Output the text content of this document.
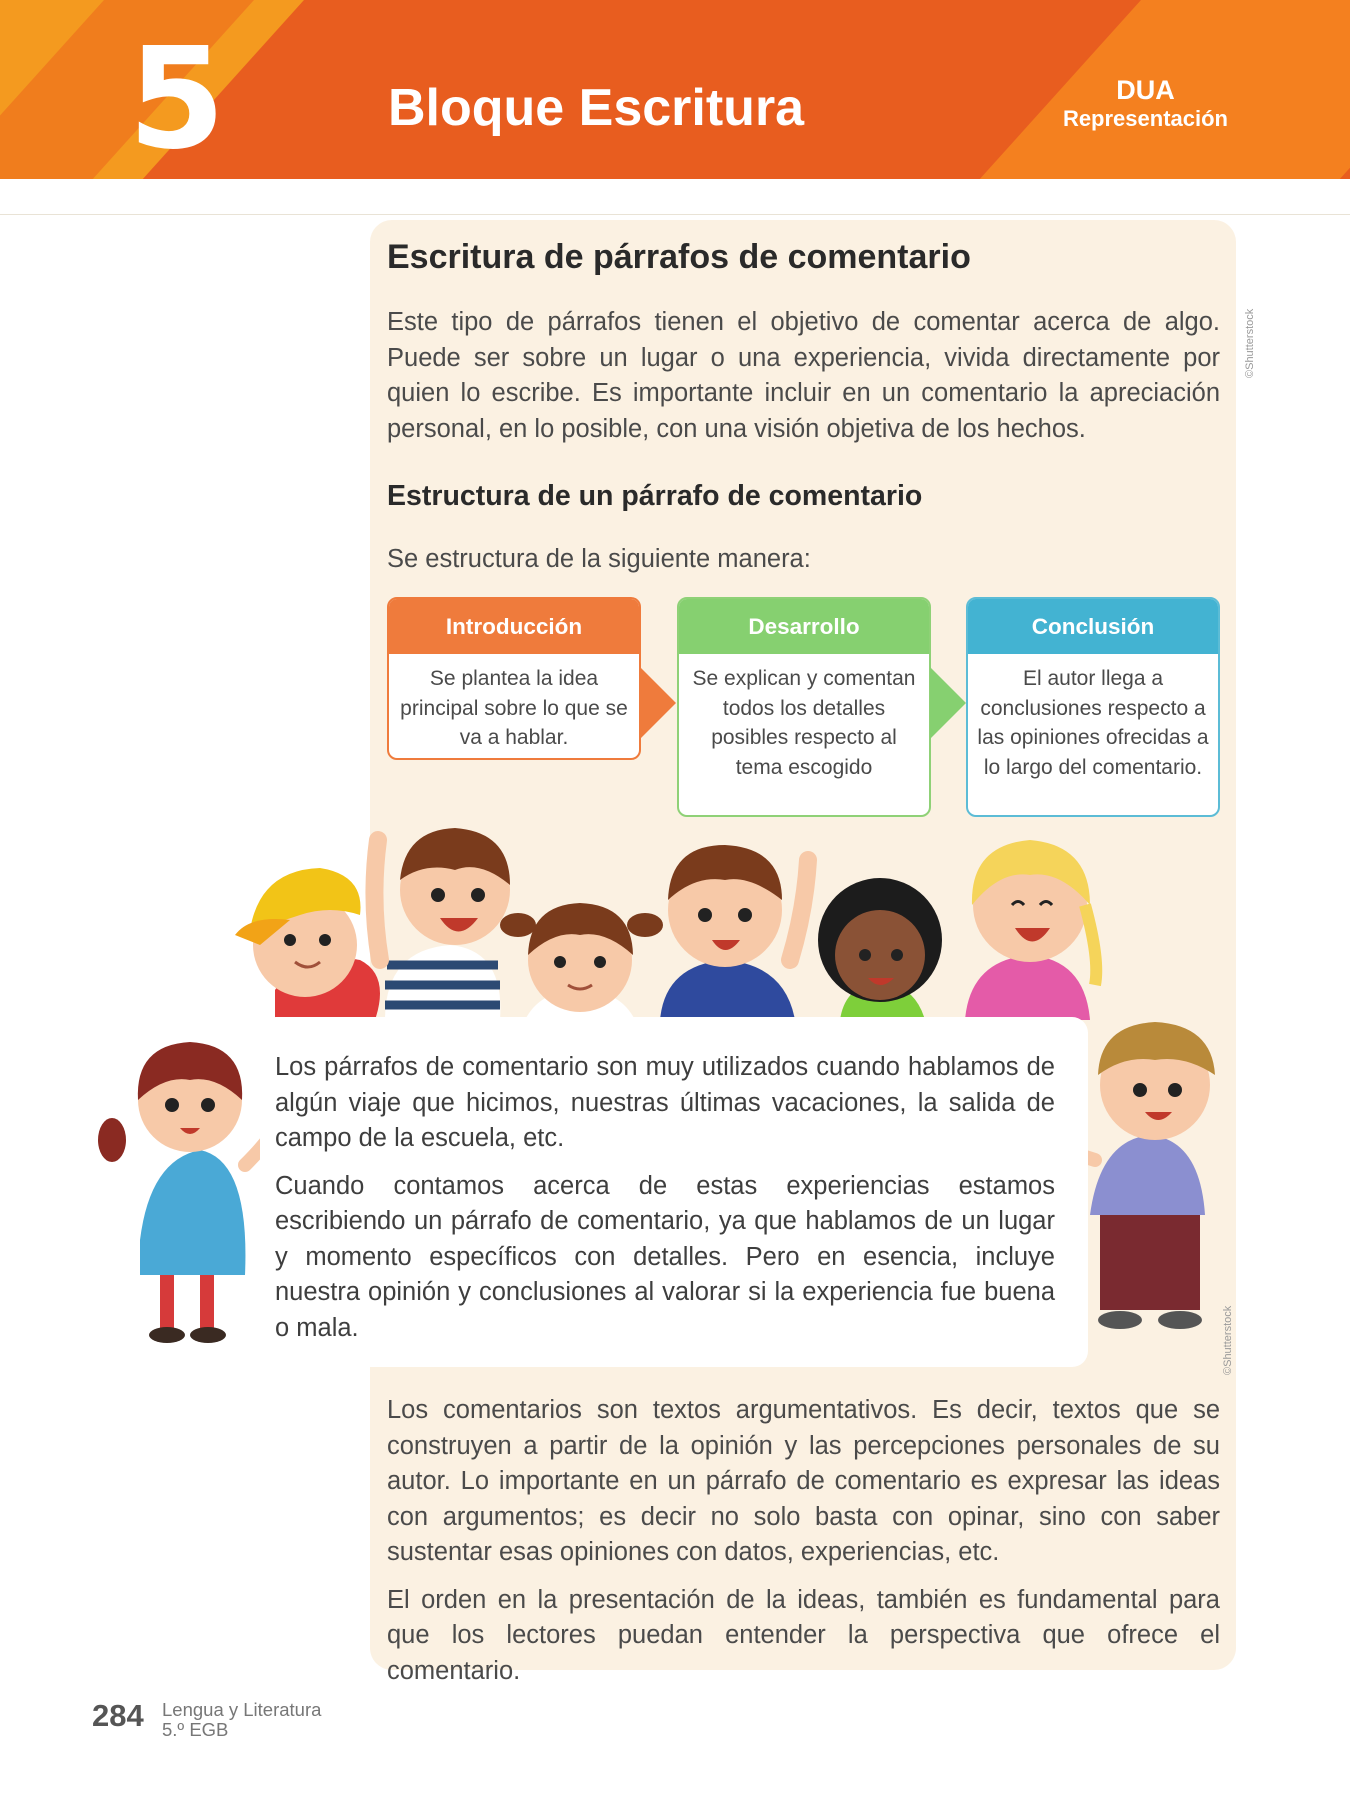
5	Bloque Escritura	DUA
Representación
©Shutterstock
Escritura de párrafos de comentario

Este tipo de párrafos tienen el objetivo de comentar acerca de algo. Puede ser sobre un lugar o una experiencia, vivida directamente por quien lo escribe. Es importante incluir en un comentario la apreciación personal, en lo posible, con una visión objetiva de los hechos.

Estructura de un párrafo de comentario

Se estructura de la siguiente manera:

Introducción
Se plantea la idea principal sobre lo que se va a hablar.
Desarrollo
Se explican y comentan todos los detalles posibles respecto al tema escogido
Conclusión
El autor llega a conclusiones respecto a las opiniones ofrecidas a lo largo del comentario.

Los párrafos de comentario son muy utilizados cuando hablamos de algún viaje que hicimos, nuestras últimas vacaciones, la salida de campo de la escuela, etc.

Cuando contamos acerca de estas experiencias estamos escribiendo un párrafo de comentario, ya que hablamos de un lugar y momento específicos con detalles. Pero en esencia, incluye nuestra opinión y conclusiones al valorar si la experiencia fue buena o mala.	©Shutterstock

Los comentarios son textos argumentativos. Es decir, textos que se construyen a partir de la opinión y las percepciones personales de su autor. Lo importante en un párrafo de comentario es expresar las ideas con argumentos; es decir no solo basta con opinar, sino con saber sustentar esas opiniones con datos, experiencias, etc.

El orden en la presentación de la ideas, también es fundamental para que los lectores puedan entender la perspectiva que ofrece el comentario.

284 Lengua y Literatura
5.º EGB
